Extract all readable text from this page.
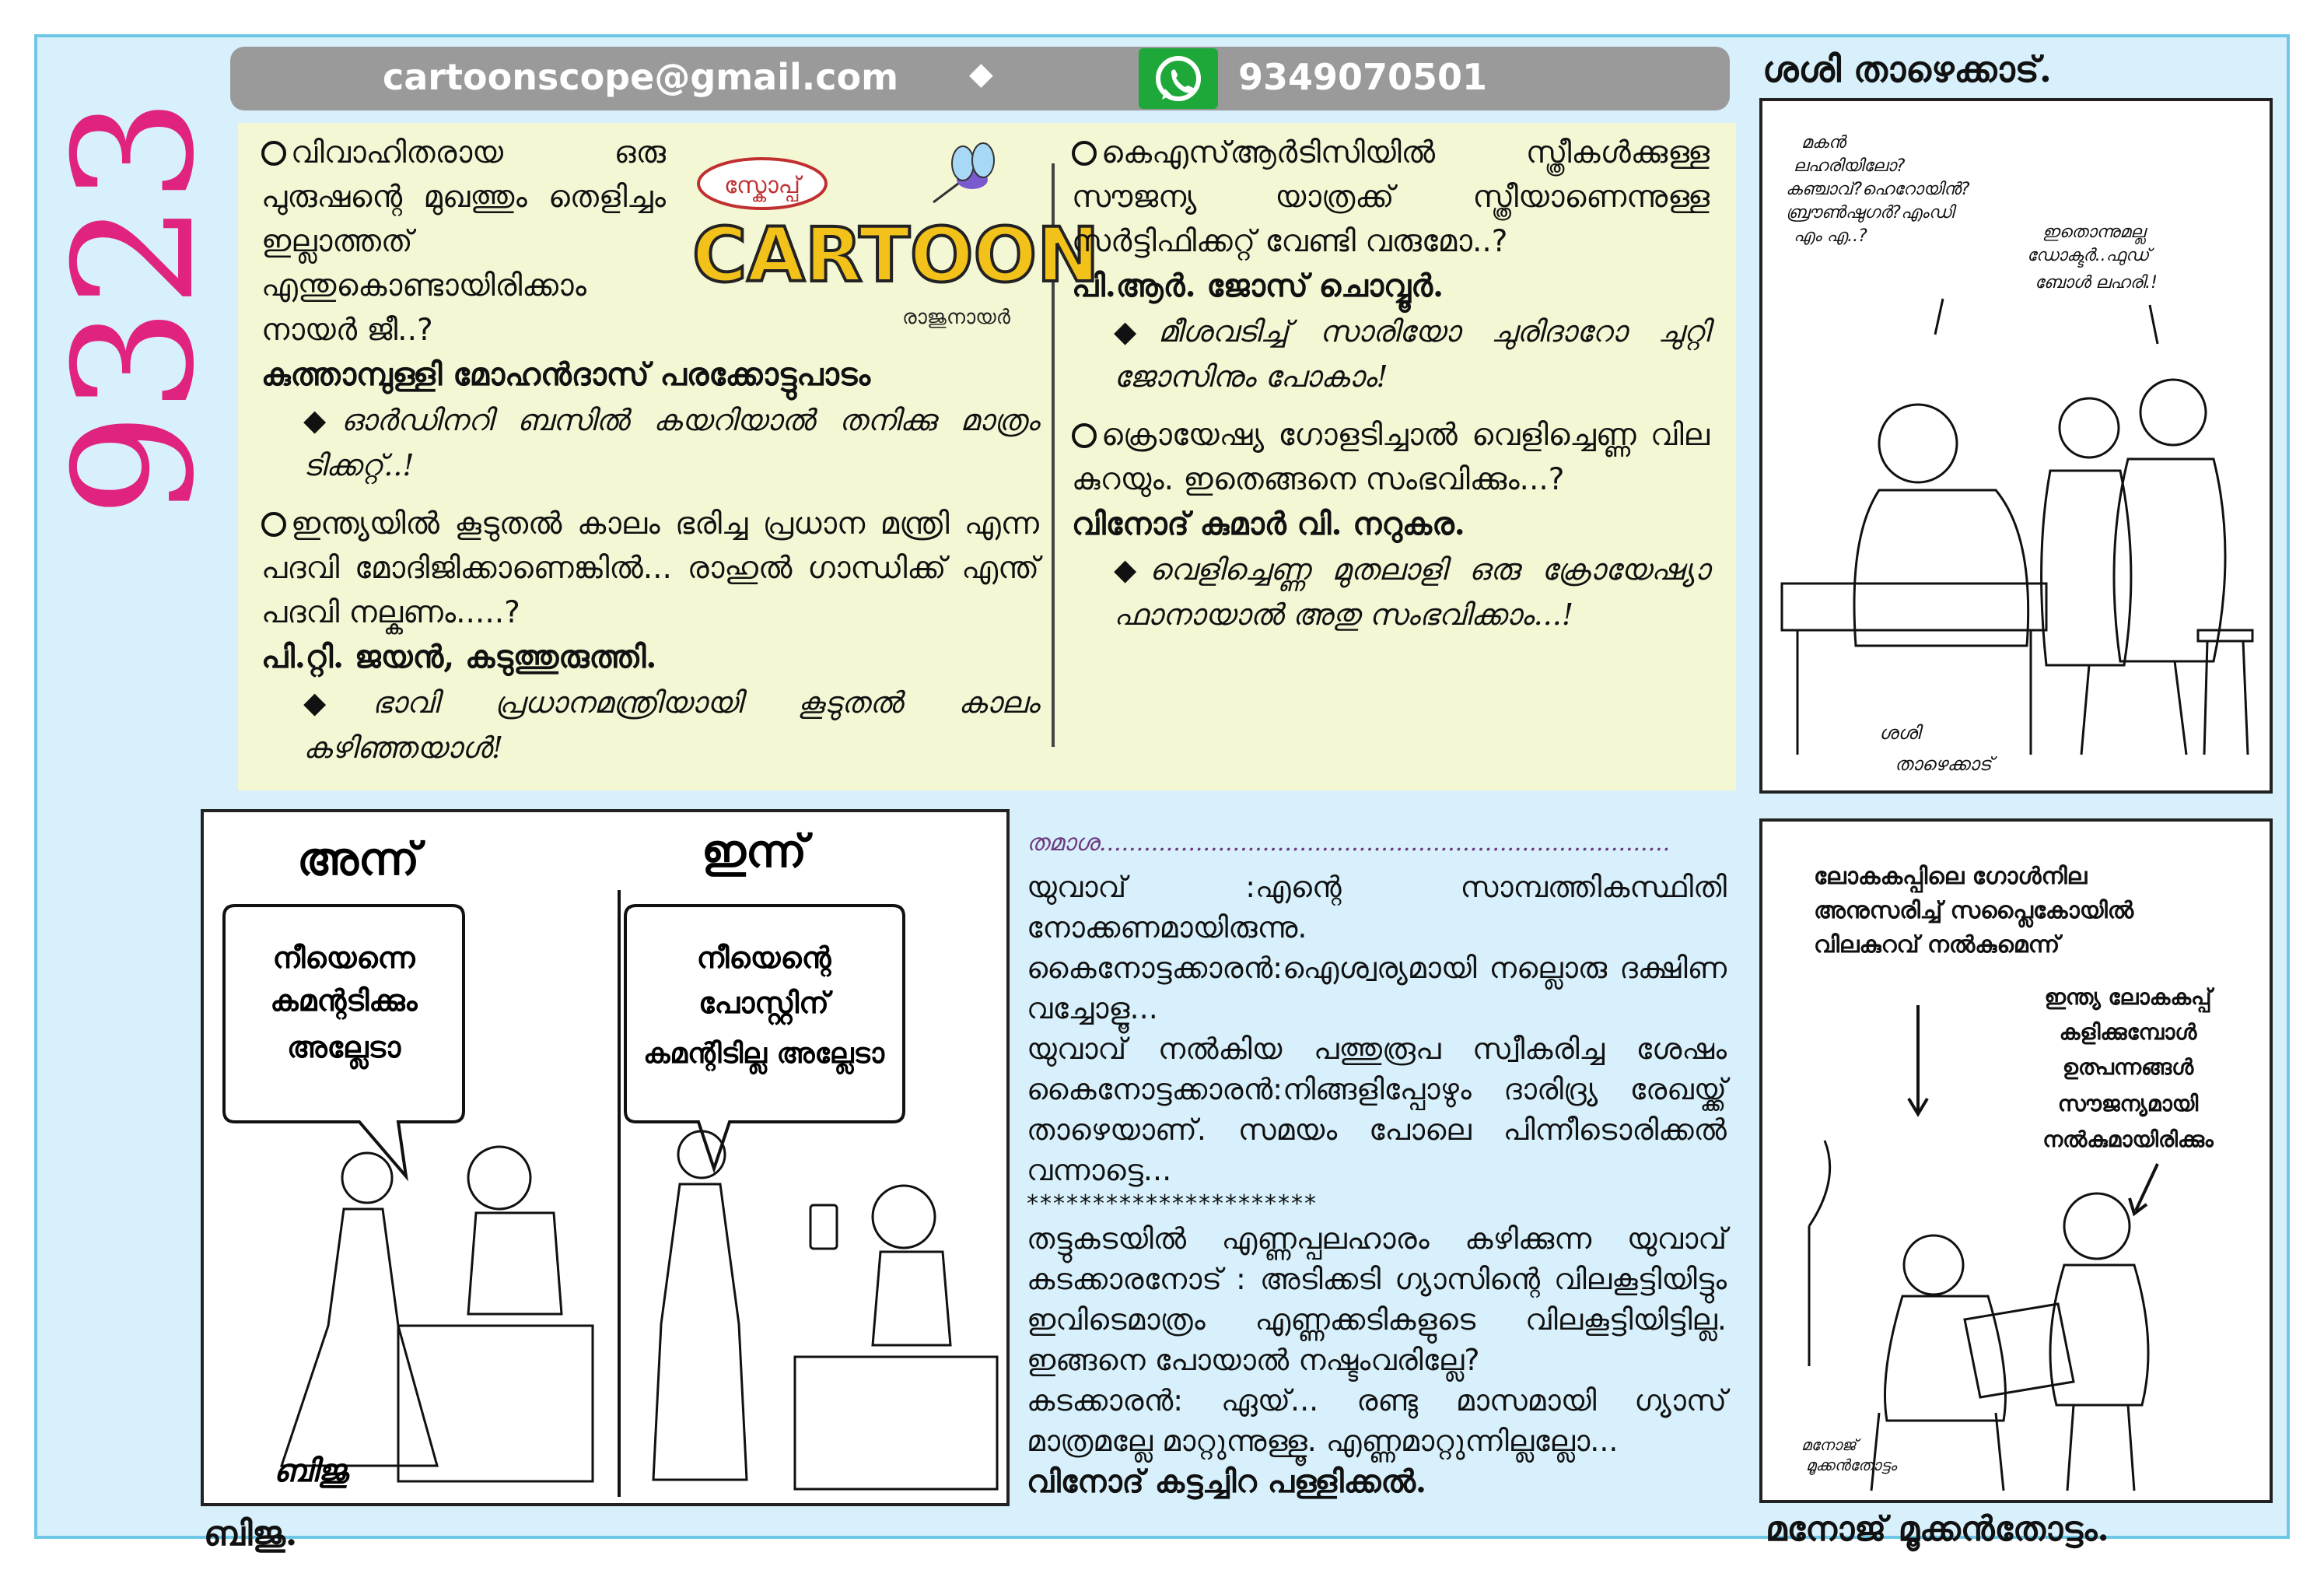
9323
cartoonscope@gmail.com ◆	9349070501	ശശി താഴെക്കാട്.
സ്കോപ്പ്
CARTOON
രാജുനായർ

വിവാഹിതരായ ഒരു പുരുഷന്റെ മുഖത്തും തെളിച്ചം ഇല്ലാത്തത് എന്തുകൊണ്ടായിരിക്കാം നായർ ജീ..?

കുത്താമ്പുള്ളി മോഹൻദാസ് പരക്കോട്ടുപാടം

◆ഓർഡിനറി ബസിൽ കയറിയാൽ തനിക്കു മാത്രം ടിക്കറ്റ്..!

ഇന്ത്യയിൽ കൂടുതൽ കാലം ഭരിച്ച പ്രധാന മന്ത്രി എന്ന പദവി മോദിജിക്കാണെങ്കിൽ... രാഹുൽ ഗാന്ധിക്ക് എന്ത് പദവി നല്കണം.....?

പി.റ്റി. ജയൻ, കടുത്തുരുത്തി.

◆ഭാവി പ്രധാനമന്ത്രിയായി കൂടുതൽ കാലം കഴിഞ്ഞയാൾ!

കെഎസ്ആർടിസിയിൽ സ്ത്രീകൾക്കുള്ള സൗജന്യ യാത്രക്ക് സ്ത്രീയാണെന്നുള്ള സർട്ടിഫിക്കറ്റ് വേണ്ടി വരുമോ..?

പി.ആർ. ജോസ് ചൊവ്വൂർ.

◆മീശവടിച്ച് സാരിയോ ചുരിദാറോ ചുറ്റി ജോസിനും പോകാം!

ക്രൊയേഷ്യ ഗോളടിച്ചാൽ വെളിച്ചെണ്ണ വില കുറയും. ഇതെങ്ങനെ സംഭവിക്കും...?

വിനോദ് കുമാർ വി. നറുകര.

◆വെളിച്ചെണ്ണ മുതലാളി ഒരു ക്രോയേഷ്യാ ഫാനായാൽ അതു സംഭവിക്കാം...!

മകൻ
ലഹരിയിലോ?
കഞ്ചാവ്?ഹെറോയിൻ?
ബ്രൗൺഷുഗർ?എംഡി
എം എ..?	ഇതൊന്നുമല്ല
ഡോക്ടർ..ഫുഡ്
ബോൾ ലഹരി.!
ശശി
താഴെക്കാട്
അന്ന്	ഇന്ന്
നീയെന്നെ
കമന്റടിക്കും
അല്ലേടാ
നീയെന്റെ
പോസ്റ്റിന്
കമന്റിടില്ല അല്ലേടാ
ബിജു
ബിജു.

തമാശ.............................................................................

യുവാവ് :എന്റെ സാമ്പത്തികസ്ഥിതി നോക്കണമായിരുന്നു.

കൈനോട്ടക്കാരൻ:ഐശ്വര്യമായി നല്ലൊരു ദക്ഷിണ വച്ചോളൂ...

യുവാവ് നൽകിയ പത്തുരൂപ സ്വീകരിച്ച ശേഷം കൈനോട്ടക്കാരൻ:നിങ്ങളിപ്പോഴും ദാരിദ്ര്യ രേഖയ്ക്ക് താഴെയാണ്. സമയം പോലെ പിന്നീടൊരിക്കൽ വന്നാട്ടെ...

**********************

തട്ടുകടയിൽ എണ്ണപ്പലഹാരം കഴിക്കുന്ന യുവാവ് കടക്കാരനോട് : അടിക്കടി ഗ്യാസിന്റെ വിലകൂട്ടിയിട്ടും ഇവിടെമാത്രം എണ്ണക്കടികളുടെ വിലകൂട്ടിയിട്ടില്ല. ഇങ്ങനെ പോയാൽ നഷ്ടംവരില്ലേ?

കടക്കാരൻ: ഏയ്... രണ്ടു മാസമായി ഗ്യാസ് മാത്രമല്ലേ മാറ്റുന്നുള്ളൂ. എണ്ണമാറ്റുന്നില്ലല്ലോ...

വിനോദ് കട്ടച്ചിറ പള്ളിക്കൽ.

ലോകകപ്പിലെ ഗോൾനില
അനുസരിച്ച് സപ്ലൈകോയിൽ
വിലകുറവ് നൽകുമെന്ന്
ഇന്ത്യ ലോകകപ്പ്
കളിക്കുമ്പോൾ
ഉത്പന്നങ്ങൾ
സൗജന്യമായി
നൽകുമായിരിക്കും
മനോജ്
മൂക്കൻതോട്ടം
മനോജ് മൂക്കൻതോട്ടം.
